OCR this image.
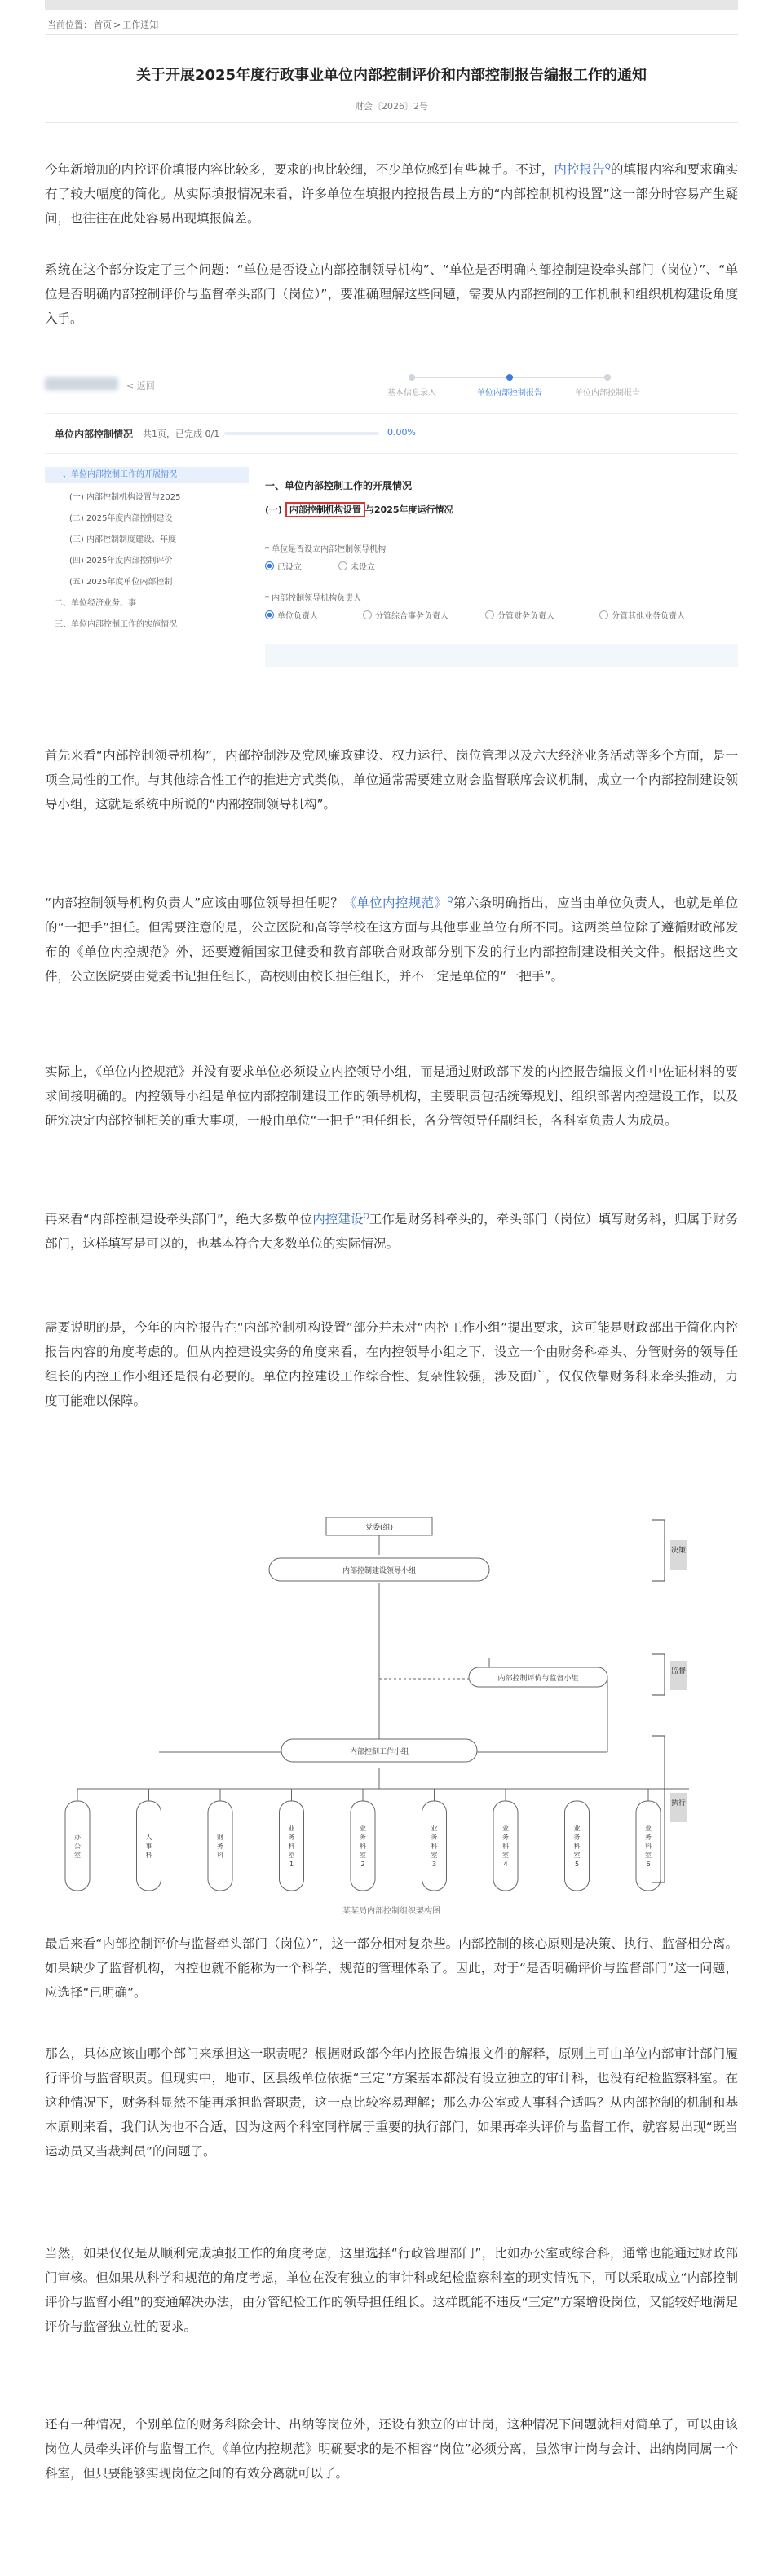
当前位置： 首页 > 工作通知
关于开展2025年度行政事业单位内部控制评价和内部控制报告编报工作的通知
财会〔2026〕2号

今年新增加的内控评价填报内容比较多，要求的也比较细，不少单位感到有些棘手。不过，内控报告$^Q$的填报内容和要求确实有了较大幅度的简化。从实际填报情况来看，许多单位在填报内控报告最上方的“内部控制机构设置”这一部分时容易产生疑问，也往往在此处容易出现填报偏差。

系统在这个部分设定了三个问题：“单位是否设立内部控制领导机构”、“单位是否明确内部控制建设牵头部门（岗位）”、“单位是否明确内部控制评价与监督牵头部门（岗位）”，要准确理解这些问题，需要从内部控制的工作机制和组织机构建设角度入手。

< 返回
基本信息录入	单位内部控制报告	单位内部控制报告
单位内部控制情况 共1页，已完成 0/1	0.00%
一、单位内部控制工作的开展情况
(一) 内部控制机构设置与2025
(二) 2025年度内部控制建设
(三) 内部控制制度建设、年度
(四) 2025年度内部控制评价
(五) 2025年度单位内部控制
二、单位经济业务、事
三、单位内部控制工作的实施情况
一、单位内部控制工作的开展情况
(一) 内部控制机构设置 与2025年度运行情况
* 单位是否设立内部控制领导机构
已设立	未设立
* 内部控制领导机构负责人
单位负责人	分管综合事务负责人	分管财务负责人	分管其他业务负责人

首先来看“内部控制领导机构”，内部控制涉及党风廉政建设、权力运行、岗位管理以及六大经济业务活动等多个方面，是一项全局性的工作。与其他综合性工作的推进方式类似，单位通常需要建立财会监督联席会议机制，成立一个内部控制建设领导小组，这就是系统中所说的“内部控制领导机构”。

“内部控制领导机构负责人”应该由哪位领导担任呢？《单位内控规范》$^Q$第六条明确指出，应当由单位负责人，也就是单位的“一把手”担任。但需要注意的是，公立医院和高等学校在这方面与其他事业单位有所不同。这两类单位除了遵循财政部发布的《单位内控规范》外，还要遵循国家卫健委和教育部联合财政部分别下发的行业内部控制建设相关文件。根据这些文件，公立医院要由党委书记担任组长，高校则由校长担任组长，并不一定是单位的“一把手”。

实际上，《单位内控规范》并没有要求单位必须设立内控领导小组，而是通过财政部下发的内控报告编报文件中佐证材料的要求间接明确的。内控领导小组是单位内部控制建设工作的领导机构，主要职责包括统筹规划、组织部署内控建设工作，以及研究决定内部控制相关的重大事项，一般由单位“一把手”担任组长，各分管领导任副组长，各科室负责人为成员。

再来看“内部控制建设牵头部门”，绝大多数单位内控建设$^Q$工作是财务科牵头的，牵头部门（岗位）填写财务科，归属于财务部门，这样填写是可以的，也基本符合大多数单位的实际情况。

需要说明的是，今年的内控报告在“内部控制机构设置”部分并未对“内控工作小组”提出要求，这可能是财政部出于简化内控报告内容的角度考虑的。但从内控建设实务的角度来看，在内控领导小组之下，设立一个由财务科牵头、分管财务的领导任组长的内控工作小组还是很有必要的。单位内控建设工作综合性、复杂性较强，涉及面广，仅仅依靠财务科来牵头推动，力度可能难以保障。

党委(组)
内部控制建设领导小组
内部控制评价与监督小组
内部控制工作小组
办公室
人事科
财务科
业务科室 1
业务科室 2
业务科室 3
业务科室 4
业务科室 5
业务科室 6
决策
监督
执行
某某局内部控制组织架构图

最后来看“内部控制评价与监督牵头部门（岗位）”，这一部分相对复杂些。内部控制的核心原则是决策、执行、监督相分离。如果缺少了监督机构，内控也就不能称为一个科学、规范的管理体系了。因此，对于“是否明确评价与监督部门”这一问题，应选择“已明确”。

那么，具体应该由哪个部门来承担这一职责呢？根据财政部今年内控报告编报文件的解释，原则上可由单位内部审计部门履行评价与监督职责。但现实中，地市、区县级单位依据“三定”方案基本都没有设立独立的审计科，也没有纪检监察科室。在这种情况下，财务科显然不能再承担监督职责，这一点比较容易理解；那么办公室或人事科合适吗？从内部控制的机制和基本原则来看，我们认为也不合适，因为这两个科室同样属于重要的执行部门，如果再牵头评价与监督工作，就容易出现“既当运动员又当裁判员”的问题了。

当然，如果仅仅是从顺利完成填报工作的角度考虑，这里选择“行政管理部门”，比如办公室或综合科，通常也能通过财政部门审核。但如果从科学和规范的角度考虑，单位在没有独立的审计科或纪检监察科室的现实情况下，可以采取成立“内部控制评价与监督小组”的变通解决办法，由分管纪检工作的领导担任组长。这样既能不违反“三定”方案增设岗位，又能较好地满足评价与监督独立性的要求。

还有一种情况，个别单位的财务科除会计、出纳等岗位外，还设有独立的审计岗，这种情况下问题就相对简单了，可以由该岗位人员牵头评价与监督工作。《单位内控规范》明确要求的是不相容“岗位”必须分离，虽然审计岗与会计、出纳岗同属一个科室，但只要能够实现岗位之间的有效分离就可以了。
